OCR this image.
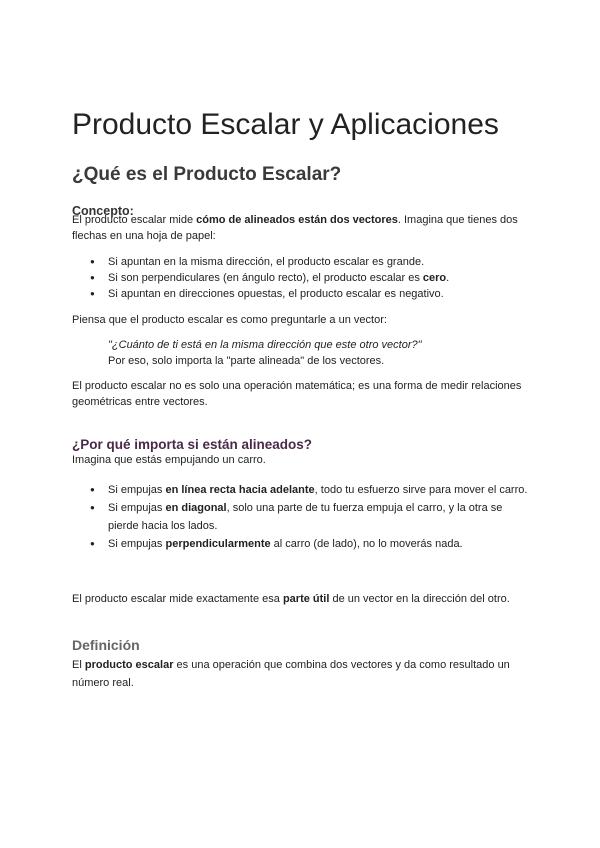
Producto Escalar y Aplicaciones
¿Qué es el Producto Escalar?
Concepto:

El producto escalar mide cómo de alineados están dos vectores. Imagina que tienes dos flechas en una hoja de papel:

● Si apuntan en la misma dirección, el producto escalar es grande.
● Si son perpendiculares (en ángulo recto), el producto escalar es cero.
● Si apuntan en direcciones opuestas, el producto escalar es negativo.

Piensa que el producto escalar es como preguntarle a un vector:

"¿Cuánto de ti está en la misma dirección que este otro vector?"
Por eso, solo importa la "parte alineada" de los vectores.

El producto escalar no es solo una operación matemática; es una forma de medir relaciones geométricas entre vectores.

¿Por qué importa si están alineados?

Imagina que estás empujando un carro.

● Si empujas en línea recta hacia adelante, todo tu esfuerzo sirve para mover el carro.
● Si empujas en diagonal, solo una parte de tu fuerza empuja el carro, y la otra se pierde hacia los lados.
● Si empujas perpendicularmente al carro (de lado), no lo moverás nada.

El producto escalar mide exactamente esa parte útil de un vector en la dirección del otro.

Definición

El producto escalar es una operación que combina dos vectores y da como resultado un número real.
